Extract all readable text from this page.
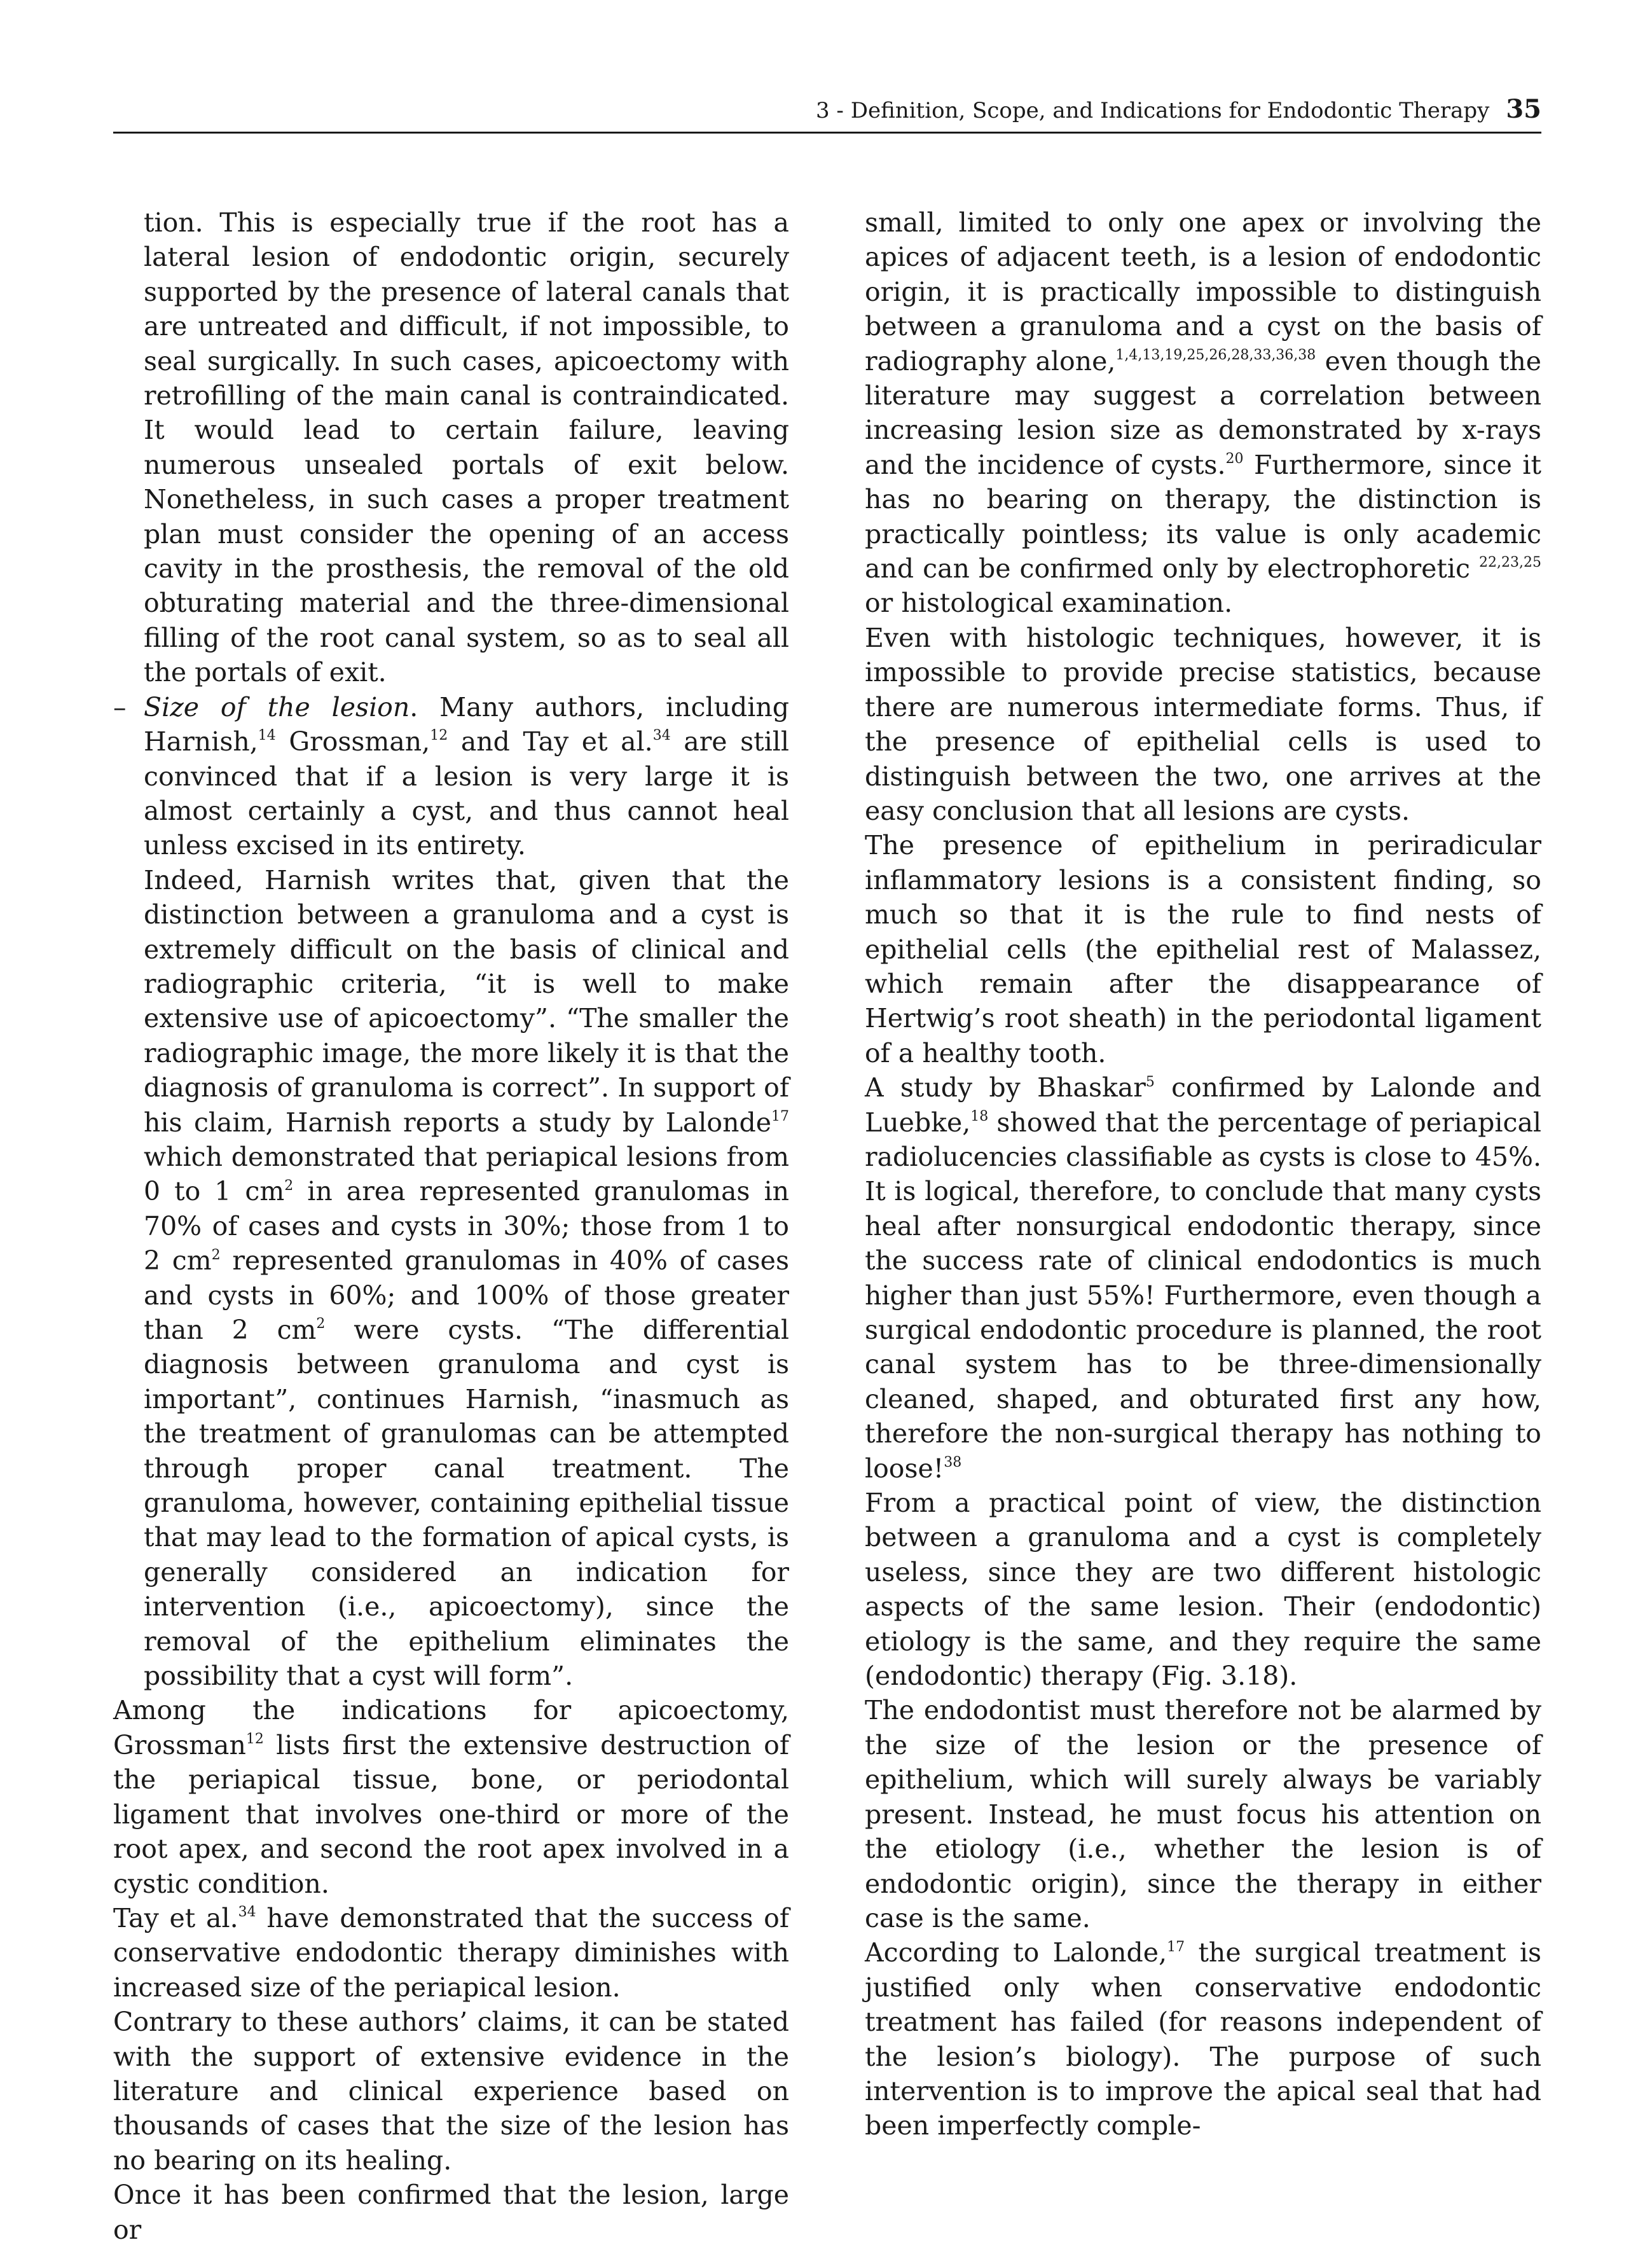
3 - Definition, Scope, and Indications for Endodontic Therapy 35

tion. This is especially true if the root has a lateral lesion of endodontic origin, securely supported by the presence of lateral canals that are untreated and difficult, if not impossible, to seal surgically. In such cases, apicoectomy with retrofilling of the main canal is contraindicated. It would lead to certain failure, leaving numerous unsealed portals of exit below. Nonetheless, in such cases a proper treatment plan must consider the opening of an access cavity in the prosthesis, the removal of the old obturating material and the three-dimensional filling of the root canal system, so as to seal all the portals of exit.

– Size of the lesion. Many authors, including Harnish,$^{14}$ Grossman,$^{12}$ and Tay et al.$^{34}$ are still convinced that if a lesion is very large it is almost certainly a cyst, and thus cannot heal unless excised in its entirety.

Indeed, Harnish writes that, given that the distinction between a granuloma and a cyst is extremely difficult on the basis of clinical and radiographic criteria, “it is well to make extensive use of apicoectomy”. “The smaller the radiographic image, the more likely it is that the diagnosis of granuloma is correct”. In support of his claim, Harnish reports a study by Lalonde$^{17}$ which demonstrated that periapical lesions from 0 to 1 $cm^2$ in area represented granulomas in 70% of cases and cysts in 30%; those from 1 to 2 $cm^2$ represented granulomas in 40% of cases and cysts in 60%; and 100% of those greater than 2 $cm^2$ were cysts. “The differential diagnosis between granuloma and cyst is important”, continues Harnish, “inasmuch as the treatment of granulomas can be attempted through proper canal treatment. The granuloma, however, containing epithelial tissue that may lead to the formation of apical cysts, is generally considered an indication for intervention (i.e., apicoectomy), since the removal of the epithelium eliminates the possibility that a cyst will form”.

Among the indications for apicoectomy, Grossman$^{12}$ lists first the extensive destruction of the periapical tissue, bone, or periodontal ligament that involves one-third or more of the root apex, and second the root apex involved in a cystic condition.

Tay et al.$^{34}$ have demonstrated that the success of conservative endodontic therapy diminishes with increased size of the periapical lesion.

Contrary to these authors’ claims, it can be stated with the support of extensive evidence in the literature and clinical experience based on thousands of cases that the size of the lesion has no bearing on its healing.

Once it has been confirmed that the lesion, large or

small, limited to only one apex or involving the apices of adjacent teeth, is a lesion of endodontic origin, it is practically impossible to distinguish between a granuloma and a cyst on the basis of radiography alone,$^{1,4,13,19,25,26,28,33,36,38}$ even though the literature may suggest a correlation between increasing lesion size as demonstrated by x-rays and the incidence of cysts.$^{20}$ Furthermore, since it has no bearing on therapy, the distinction is practically pointless; its value is only academic and can be confirmed only by electrophoretic $^{22,23,25}$ or histological examination.

Even with histologic techniques, however, it is impossible to provide precise statistics, because there are numerous intermediate forms. Thus, if the presence of epithelial cells is used to distinguish between the two, one arrives at the easy conclusion that all lesions are cysts.

The presence of epithelium in periradicular inflammatory lesions is a consistent finding, so much so that it is the rule to find nests of epithelial cells (the epithelial rest of Malassez, which remain after the disappearance of Hertwig’s root sheath) in the periodontal ligament of a healthy tooth.

A study by Bhaskar$^5$ confirmed by Lalonde and Luebke,$^{18}$ showed that the percentage of periapical radiolucencies classifiable as cysts is close to 45%. It is logical, therefore, to conclude that many cysts heal after nonsurgical endodontic therapy, since the success rate of clinical endodontics is much higher than just 55%! Furthermore, even though a surgical endodontic procedure is planned, the root canal system has to be three-dimensionally cleaned, shaped, and obturated first any how, therefore the non-surgical therapy has nothing to loose!$^{38}$

From a practical point of view, the distinction between a granuloma and a cyst is completely useless, since they are two different histologic aspects of the same lesion. Their (endodontic) etiology is the same, and they require the same (endodontic) therapy (Fig. 3.18).

The endodontist must therefore not be alarmed by the size of the lesion or the presence of epithelium, which will surely always be variably present. Instead, he must focus his attention on the etiology (i.e., whether the lesion is of endodontic origin), since the therapy in either case is the same.

According to Lalonde,$^{17}$ the surgical treatment is justified only when conservative endodontic treatment has failed (for reasons independent of the lesion’s biology). The purpose of such intervention is to improve the apical seal that had been imperfectly comple-
